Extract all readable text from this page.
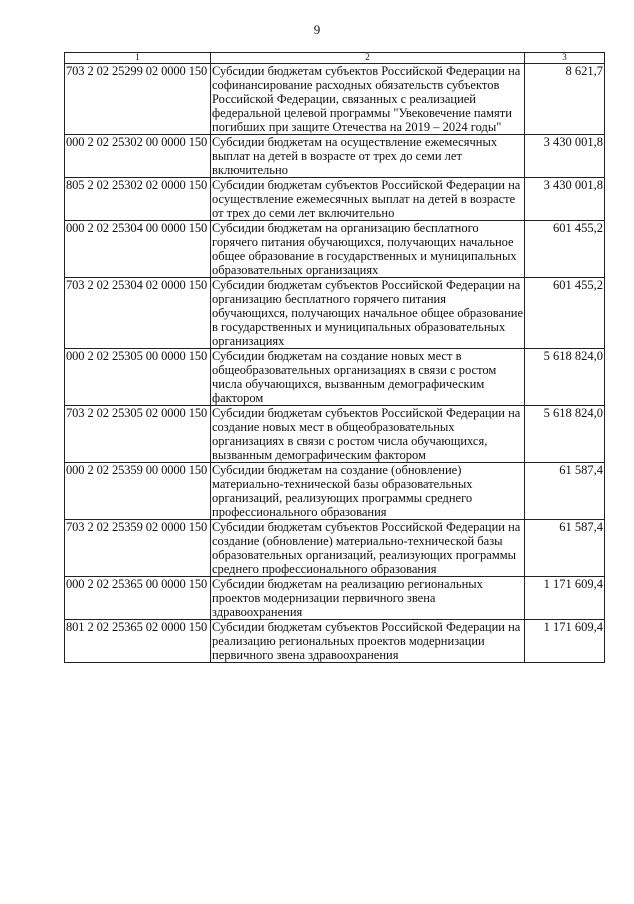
9
1	2	3
703 2 02 25299 02 0000 150	Субсидии бюджетам субъектов Российской Федерации на софинансирование расходных обязательств субъектов Российской Федерации, связанных с реализацией федеральной целевой программы "Увековечение памяти погибших при защите Отечества на 2019 – 2024 годы"	8 621,7
000 2 02 25302 00 0000 150	Субсидии бюджетам на осуществление ежемесячных выплат на детей в возрасте от трех до семи лет включительно	3 430 001,8
805 2 02 25302 02 0000 150	Субсидии бюджетам субъектов Российской Федерации на осуществление ежемесячных выплат на детей в возрасте от трех до семи лет включительно	3 430 001,8
000 2 02 25304 00 0000 150	Субсидии бюджетам на организацию бесплатного горячего питания обучающихся, получающих начальное общее образование в государственных и муниципальных образовательных организациях	601 455,2
703 2 02 25304 02 0000 150	Субсидии бюджетам субъектов Российской Федерации на организацию бесплатного горячего питания обучающихся, получающих начальное общее образование в государственных и муниципальных образовательных организациях	601 455,2
000 2 02 25305 00 0000 150	Субсидии бюджетам на создание новых мест в общеобразовательных организациях в связи с ростом числа обучающихся, вызванным демографическим фактором	5 618 824,0
703 2 02 25305 02 0000 150	Субсидии бюджетам субъектов Российской Федерации на создание новых мест в общеобразовательных организациях в связи с ростом числа обучающихся, вызванным демографическим фактором	5 618 824,0
000 2 02 25359 00 0000 150	Субсидии бюджетам на создание (обновление) материально-технической базы образовательных организаций, реализующих программы среднего профессионального образования	61 587,4
703 2 02 25359 02 0000 150	Субсидии бюджетам субъектов Российской Федерации на создание (обновление) материально-технической базы образовательных организаций, реализующих программы среднего профессионального образования	61 587,4
000 2 02 25365 00 0000 150	Субсидии бюджетам на реализацию региональных проектов модернизации первичного звена здравоохранения	1 171 609,4
801 2 02 25365 02 0000 150	Субсидии бюджетам субъектов Российской Федерации на реализацию региональных проектов модернизации первичного звена здравоохранения	1 171 609,4
